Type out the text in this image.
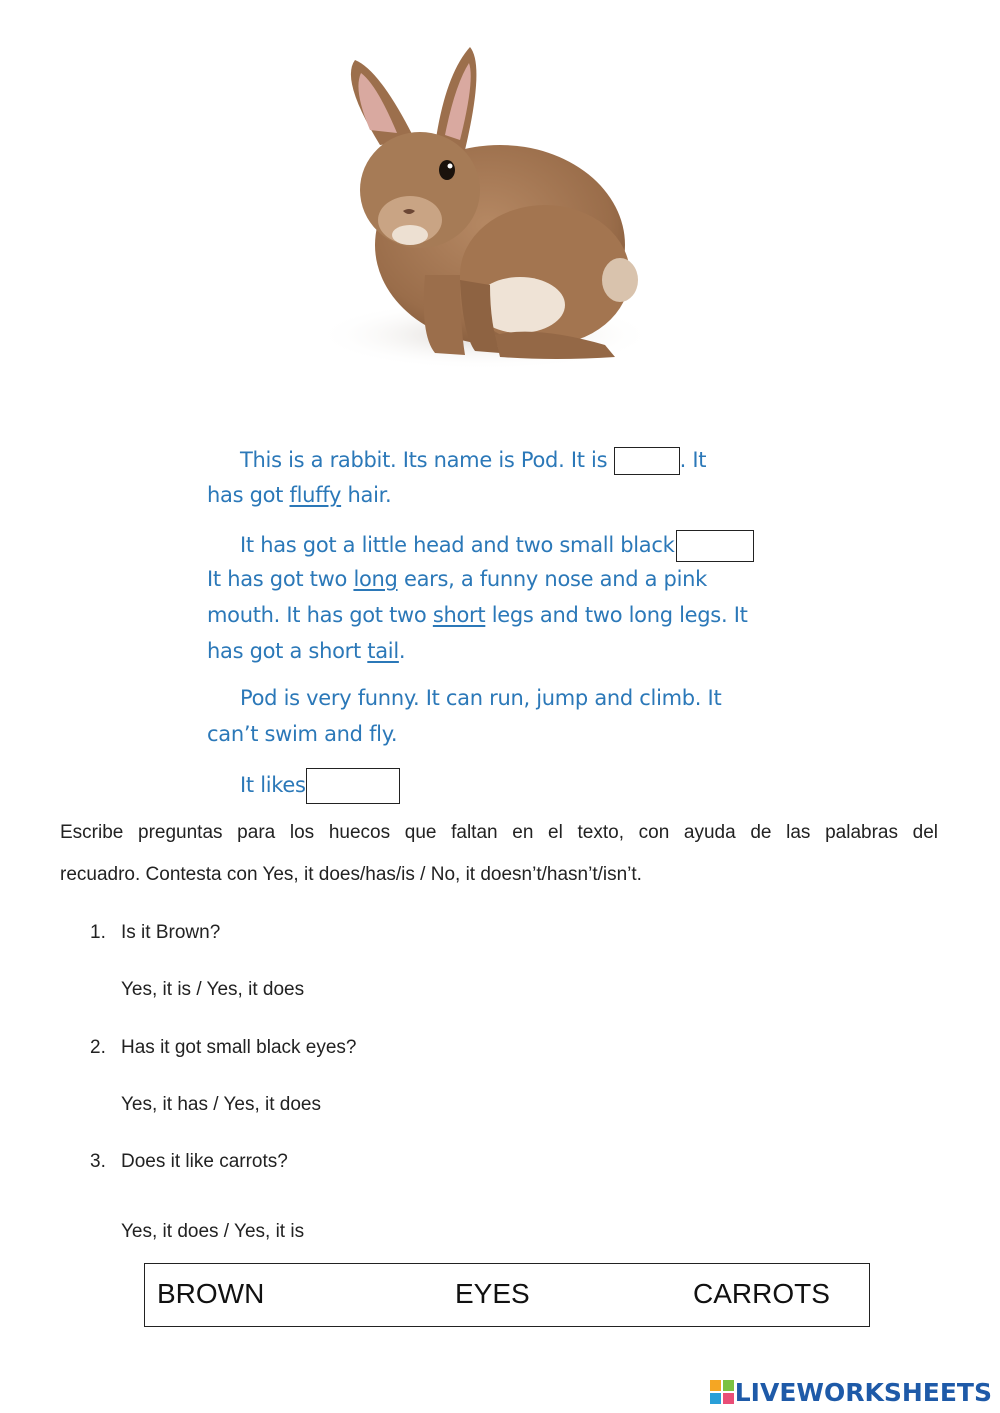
This is a rabbit. Its name is Pod. It is	. It
has got fluffy hair.
It has got a little head and two small black
It has got two long ears, a funny nose and a pink
mouth. It has got two short legs and two long legs. It
has got a short tail.
Pod is very funny. It can run, jump and climb. It
can’t swim and fly.
It likes
Escribe preguntas para los huecos que faltan en el texto, con ayuda de las palabras del
recuadro. Contesta con Yes, it does/has/is / No, it doesn’t/hasn’t/isn’t.
1. Is it Brown?
Yes, it is / Yes, it does
2. Has it got small black eyes?
Yes, it has / Yes, it does
3. Does it like carrots?
Yes, it does / Yes, it is
BROWN	EYES	CARROTS
LIVEWORKSHEETS
